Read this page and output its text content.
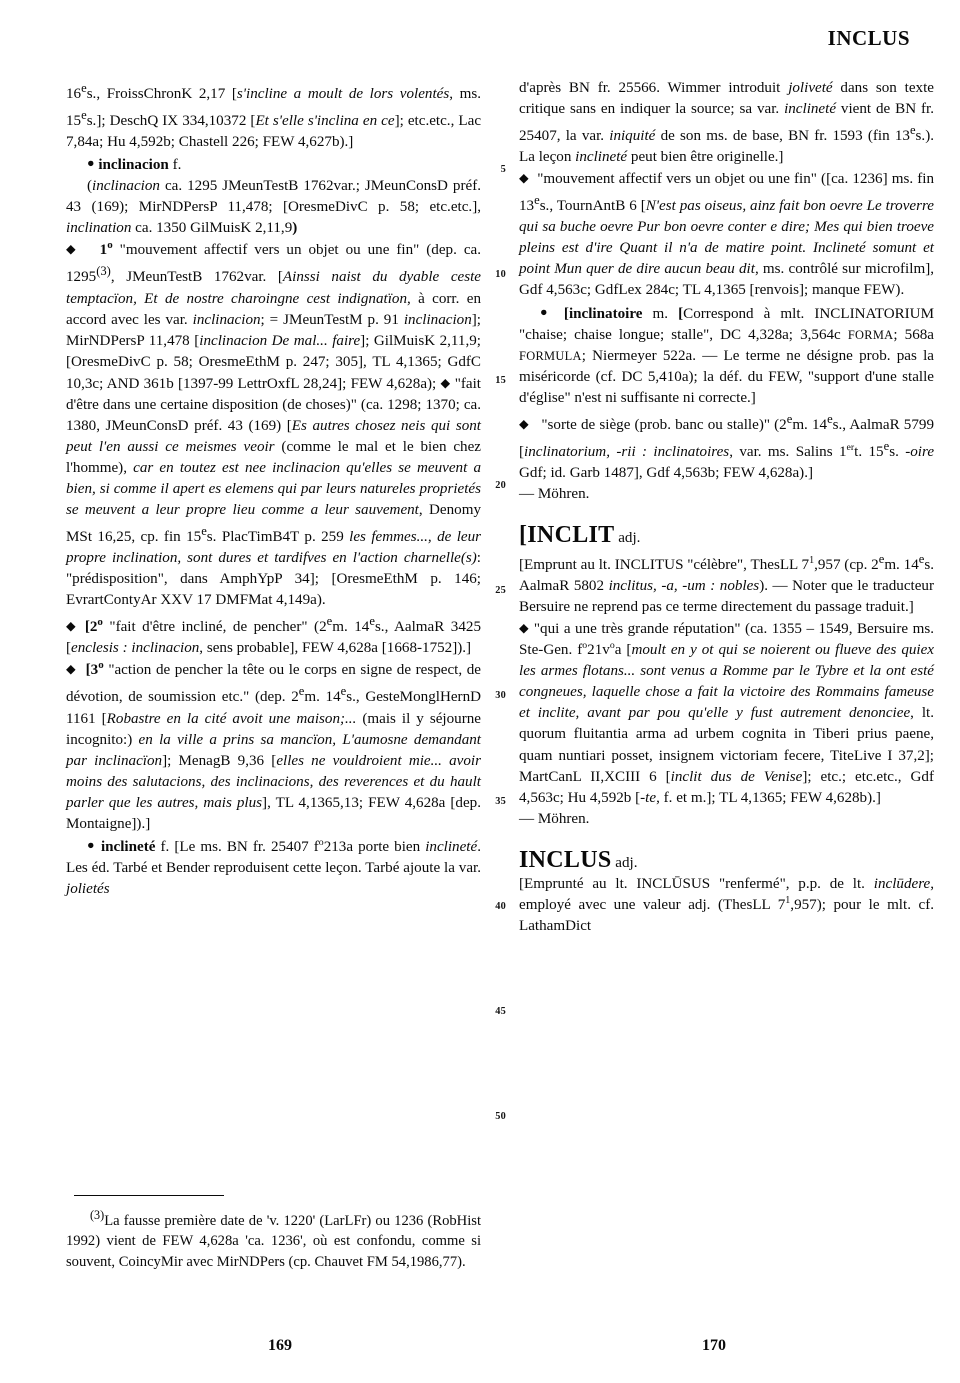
INCLUS

16es., FroissChronK 2,17 [s'incline a moult de lors volentés, ms. 15es.]; DeschQ IX 334,10372 [Et s'elle s'inclina en ce]; etc.etc., Lac 7,84a; Hu 4,592b; Chastell 226; FEW 4,627b).]

● inclinacion f.

(inclinacion ca. 1295 JMeunTestB 1762var.; JMeunConsD préf. 43 (169); MirNDPersP 11,478; [OresmeDivC p. 58; etc.etc.], inclination ca. 1350 GilMuisK 2,11,9)

◆ 1$^o$ "mouvement affectif vers un objet ou une fin" (dep. ca. 1295$^{(3)}$, JMeunTestB 1762var. [Ainssi naist du dyable ceste temptacïon, Et de nostre charoingne cest indignatïon, à corr. en accord avec les var. inclinacion; = JMeunTestM p. 91 inclinacion]; MirNDPersP 11,478 [inclinacion De mal... faire]; GilMuisK 2,11,9; [OresmeDivC p. 58; OresmeEthM p. 247; 305], TL 4,1365; GdfC 10,3c; AND 361b [1397-99 LettrOxfL 28,24]; FEW 4,628a); ◆ "fait d'être dans une certaine disposition (de choses)" (ca. 1298; 1370; ca. 1380, JMeunConsD préf. 43 (169) [Es autres chosez neis qui sont peut l'en aussi ce meismes veoir (comme le mal et le bien chez l'homme), car en toutez est nee inclinacion qu'elles se meuvent a bien, si comme il apert es elemens qui par leurs natureles proprietés se meuvent a leur propre lieu comme a leur sauvement, Denomy MSt 16,25, cp. fin 15es. PlacTimB4T p. 259 les femmes..., de leur propre inclination, sont dures et tardifves en l'action charnelle(s): "prédisposition", dans AmphYpP 34]; [OresmeEthM p. 146; EvrartContyAr XXV 17 DMFMat 4,149a).

◆ [2$^o$ "fait d'être incliné, de pencher" (2em. 14es., AalmaR 3425 [enclesis : inclinacion, sens probable], FEW 4,628a [1668-1752]).]

◆ [3$^o$ "action de pencher la tête ou le corps en signe de respect, de dévotion, de soumission etc." (dep. 2em. 14es., GesteMonglHernD 1161 [Robastre en la cité avoit une maison;... (mais il y séjourne incognito:) en la ville a prins sa mancïon, L'aumosne demandant par inclinacïon]; MenagB 9,36 [elles ne vouldroient mie... avoir moins des salutacions, des inclinacions, des reverences et du hault parler que les autres, mais plus], TL 4,1365,13; FEW 4,628a [dep. Montaigne]).]

● inclineté f. [Le ms. BN fr. 25407 $f^o213a$ porte bien inclineté. Les éd. Tarbé et Bender reproduisent cette leçon. Tarbé ajoute la var. jolietés

$^{(3)}$La fausse première date de 'v. 1220' (LarLFr) ou 1236 (RobHist 1992) vient de FEW 4,628a 'ca. 1236', où est confondu, comme si souvent, CoincyMir avec MirNDPers (cp. Chauvet FM 54,1986,77).

d'après BN fr. 25566. Wimmer introduit joliveté dans son texte critique sans en indiquer la source; sa var. inclineté vient de BN fr. 25407, la var. iniquité de son ms. de base, BN fr. 1593 (fin 13es.). La leçon inclineté peut bien être originelle.]

◆  "mouvement affectif vers un objet ou une fin" ([ca. 1236] ms. fin 13es., TournAntB 6 [N'est pas oiseus, ainz fait bon oevre Le troverre qui sa buche oevre Pur bon oevre conter e dire; Mes qui bien troeve pleins est d'ire Quant il n'a de matire point. Inclineté somunt et point Mun quer de dire aucun beau dit, ms. contrôlé sur microfilm], Gdf 4,563c; GdfLex 284c; TL 4,1365 [renvois]; manque FEW).

● [inclinatoire m. [Correspond à mlt. INCLINATORIUM "chaise; chaise longue; stalle", DC 4,328a; 3,564c FORMA; 568a FORMULA; Niermeyer 522a. — Le terme ne désigne prob. pas la miséricorde (cf. DC 5,410a); la déf. du FEW, "support d'une stalle d'église" n'est ni suffisante ni correcte.]

◆   "sorte de siège (prob. banc ou stalle)" (2em. 14es., AalmaR 5799 [inclinatorium, -rii : inclinatoires, var. ms. Salins 1ert. 15es. -oire Gdf; id. Garb 1487], Gdf 4,563b; FEW 4,628a).]

— Möhren.

[INCLIT adj.

[Emprunt au lt. INCLITUS "célèbre", ThesLL $7^1,957$ (cp. 2em. 14es. AalmaR 5802 inclitus, -a, -um : nobles). — Noter que le traducteur Bersuire ne reprend pas ce terme directement du passage traduit.]

◆ "qui a une très grande réputation" (ca. 1355 – 1549, Bersuire ms. Ste-Gen. $f^o21v^oa$ [moult en y ot qui se noierent ou flueve des quiex les armes flotans... sont venus a Romme par le Tybre et la ont esté congneues, laquelle chose a fait la victoire des Rommains fameuse et inclite, avant par pou qu'elle y fust autrement denonciee, lt. quorum fluitantia arma ad urbem cognita in Tiberi prius paene, quam nuntiari posset, insignem victoriam fecere, TiteLive I 37,2]; MartCanL II,XCIII 6 [inclit dus de Venise]; etc.; etc.etc., Gdf 4,563c; Hu 4,592b [-te, f. et m.]; TL 4,1365; FEW 4,628b).]

— Möhren.

INCLUS adj.

[Emprunté au lt. INCLŪSUS "renfermé", p.p. de lt. inclūdere, employé avec une valeur adj. (ThesLL $7^1,957$); pour le mlt. cf. LathamDict

5
10
15
20
25
30
35
40
45
50
169	170
